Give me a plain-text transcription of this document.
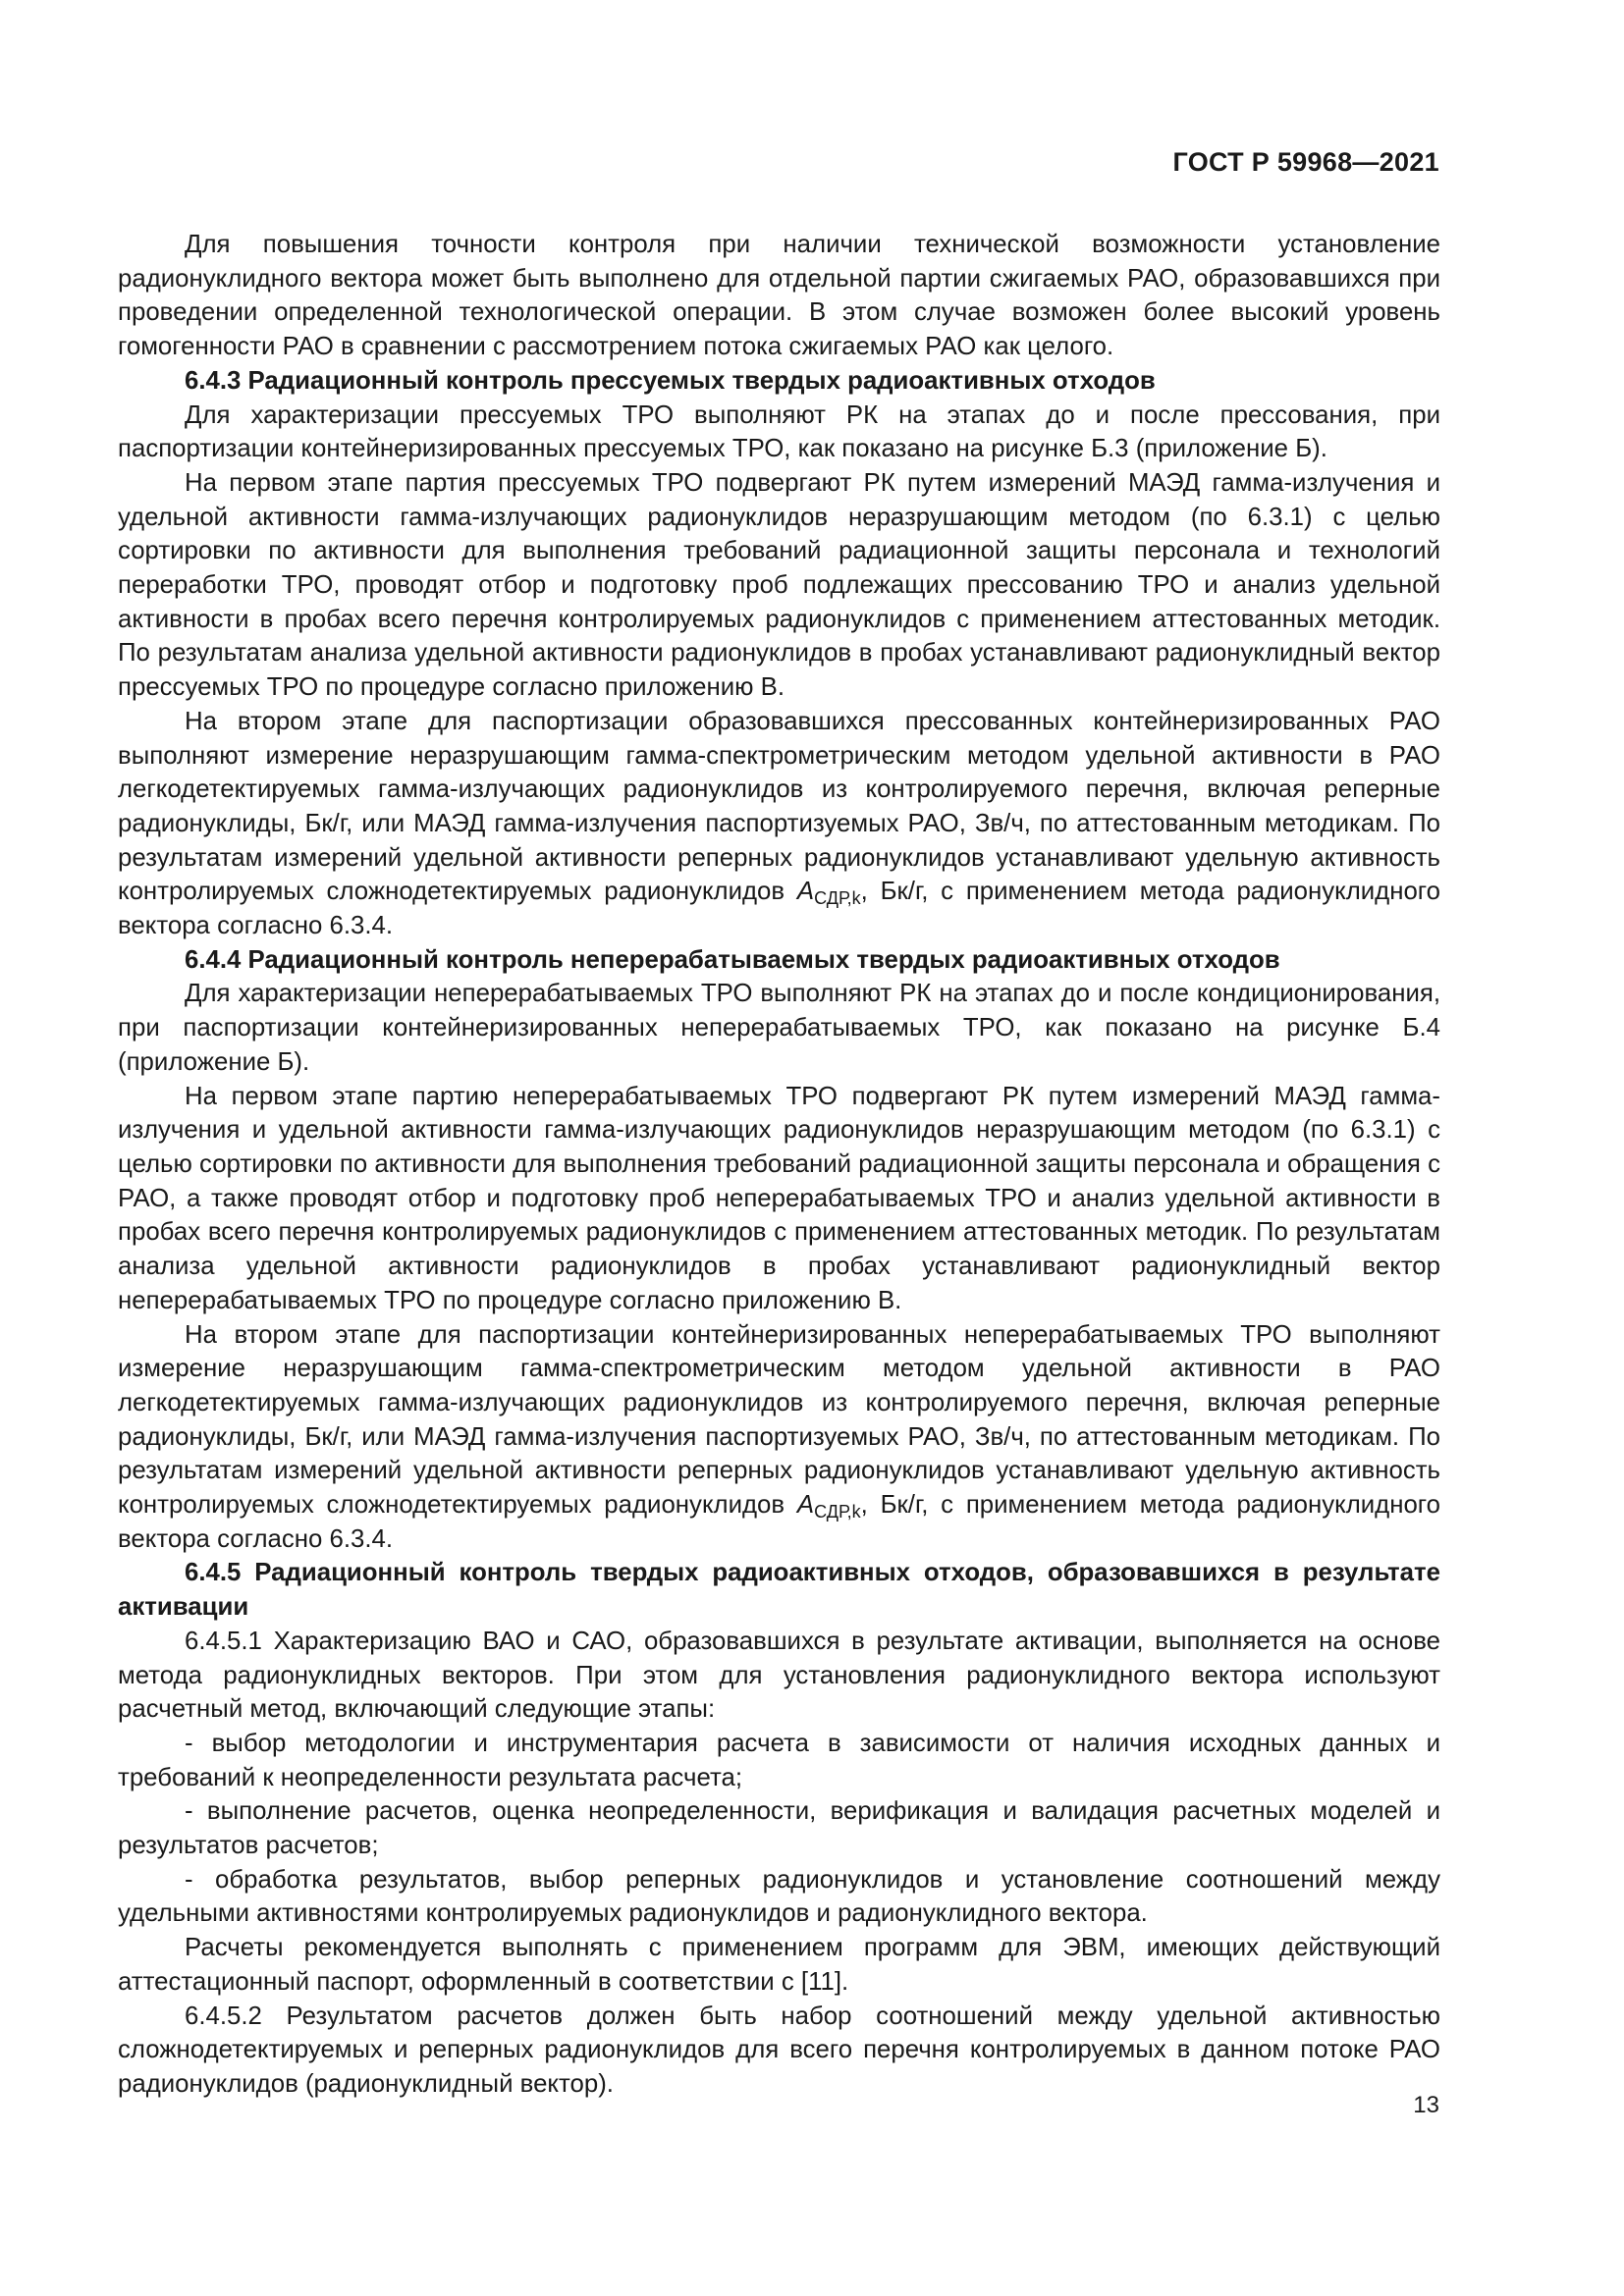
ГОСТ Р 59968—2021

Для повышения точности контроля при наличии технической возможности установление радионуклидного вектора может быть выполнено для отдельной партии сжигаемых РАО, образовавшихся при проведении определенной технологической операции. В этом случае возможен более высокий уровень гомогенности РАО в сравнении с рассмотрением потока сжигаемых РАО как целого.

6.4.3 Радиационный контроль прессуемых твердых радиоактивных отходов

Для характеризации прессуемых ТРО выполняют РК на этапах до и после прессования, при паспортизации контейнеризированных прессуемых ТРО, как показано на рисунке Б.3 (приложение Б).

На первом этапе партия прессуемых ТРО подвергают РК путем измерений МАЭД гамма-излучения и удельной активности гамма-излучающих радионуклидов неразрушающим методом (по 6.3.1) с целью сортировки по активности для выполнения требований радиационной защиты персонала и технологий переработки ТРО, проводят отбор и подготовку проб подлежащих прессованию ТРО и анализ удельной активности в пробах всего перечня контролируемых радионуклидов с применением аттестованных методик. По результатам анализа удельной активности радионуклидов в пробах устанавливают радионуклидный вектор прессуемых ТРО по процедуре согласно приложению В.

На втором этапе для паспортизации образовавшихся прессованных контейнеризированных РАО выполняют измерение неразрушающим гамма-спектрометрическим методом удельной активности в РАО легкодетектируемых гамма-излучающих радионуклидов из контролируемого перечня, включая реперные радионуклиды, Бк/г, или МАЭД гамма-излучения паспортизуемых РАО, Зв/ч, по аттестованным методикам. По результатам измерений удельной активности реперных радионуклидов устанавливают удельную активность контролируемых сложнодетектируемых радионуклидов $A_{СДР,k}$, Бк/г, с применением метода радионуклидного вектора согласно 6.3.4.

6.4.4 Радиационный контроль неперерабатываемых твердых радиоактивных отходов

Для характеризации неперерабатываемых ТРО выполняют РК на этапах до и после кондиционирования, при паспортизации контейнеризированных неперерабатываемых ТРО, как показано на рисунке Б.4 (приложение Б).

На первом этапе партию неперерабатываемых ТРО подвергают РК путем измерений МАЭД гамма-излучения и удельной активности гамма-излучающих радионуклидов неразрушающим методом (по 6.3.1) с целью сортировки по активности для выполнения требований радиационной защиты персонала и обращения с РАО, а также проводят отбор и подготовку проб неперерабатываемых ТРО и анализ удельной активности в пробах всего перечня контролируемых радионуклидов с применением аттестованных методик. По результатам анализа удельной активности радионуклидов в пробах устанавливают радионуклидный вектор неперерабатываемых ТРО по процедуре согласно приложению В.

На втором этапе для паспортизации контейнеризированных неперерабатываемых ТРО выполняют измерение неразрушающим гамма-спектрометрическим методом удельной активности в РАО легкодетектируемых гамма-излучающих радионуклидов из контролируемого перечня, включая реперные радионуклиды, Бк/г, или МАЭД гамма-излучения паспортизуемых РАО, Зв/ч, по аттестованным методикам. По результатам измерений удельной активности реперных радионуклидов устанавливают удельную активность контролируемых сложнодетектируемых радионуклидов $A_{СДР,k}$, Бк/г, с применением метода радионуклидного вектора согласно 6.3.4.

6.4.5 Радиационный контроль твердых радиоактивных отходов, образовавшихся в результате активации

6.4.5.1 Характеризацию ВАО и САО, образовавшихся в результате активации, выполняется на основе метода радионуклидных векторов. При этом для установления радионуклидного вектора используют расчетный метод, включающий следующие этапы:

- выбор методологии и инструментария расчета в зависимости от наличия исходных данных и требований к неопределенности результата расчета;

- выполнение расчетов, оценка неопределенности, верификация и валидация расчетных моделей и результатов расчетов;

- обработка результатов, выбор реперных радионуклидов и установление соотношений между удельными активностями контролируемых радионуклидов и радионуклидного вектора.

Расчеты рекомендуется выполнять с применением программ для ЭВМ, имеющих действующий аттестационный паспорт, оформленный в соответствии с [11].

6.4.5.2 Результатом расчетов должен быть набор соотношений между удельной активностью сложнодетектируемых и реперных радионуклидов для всего перечня контролируемых в данном потоке РАО радионуклидов (радионуклидный вектор).

13
